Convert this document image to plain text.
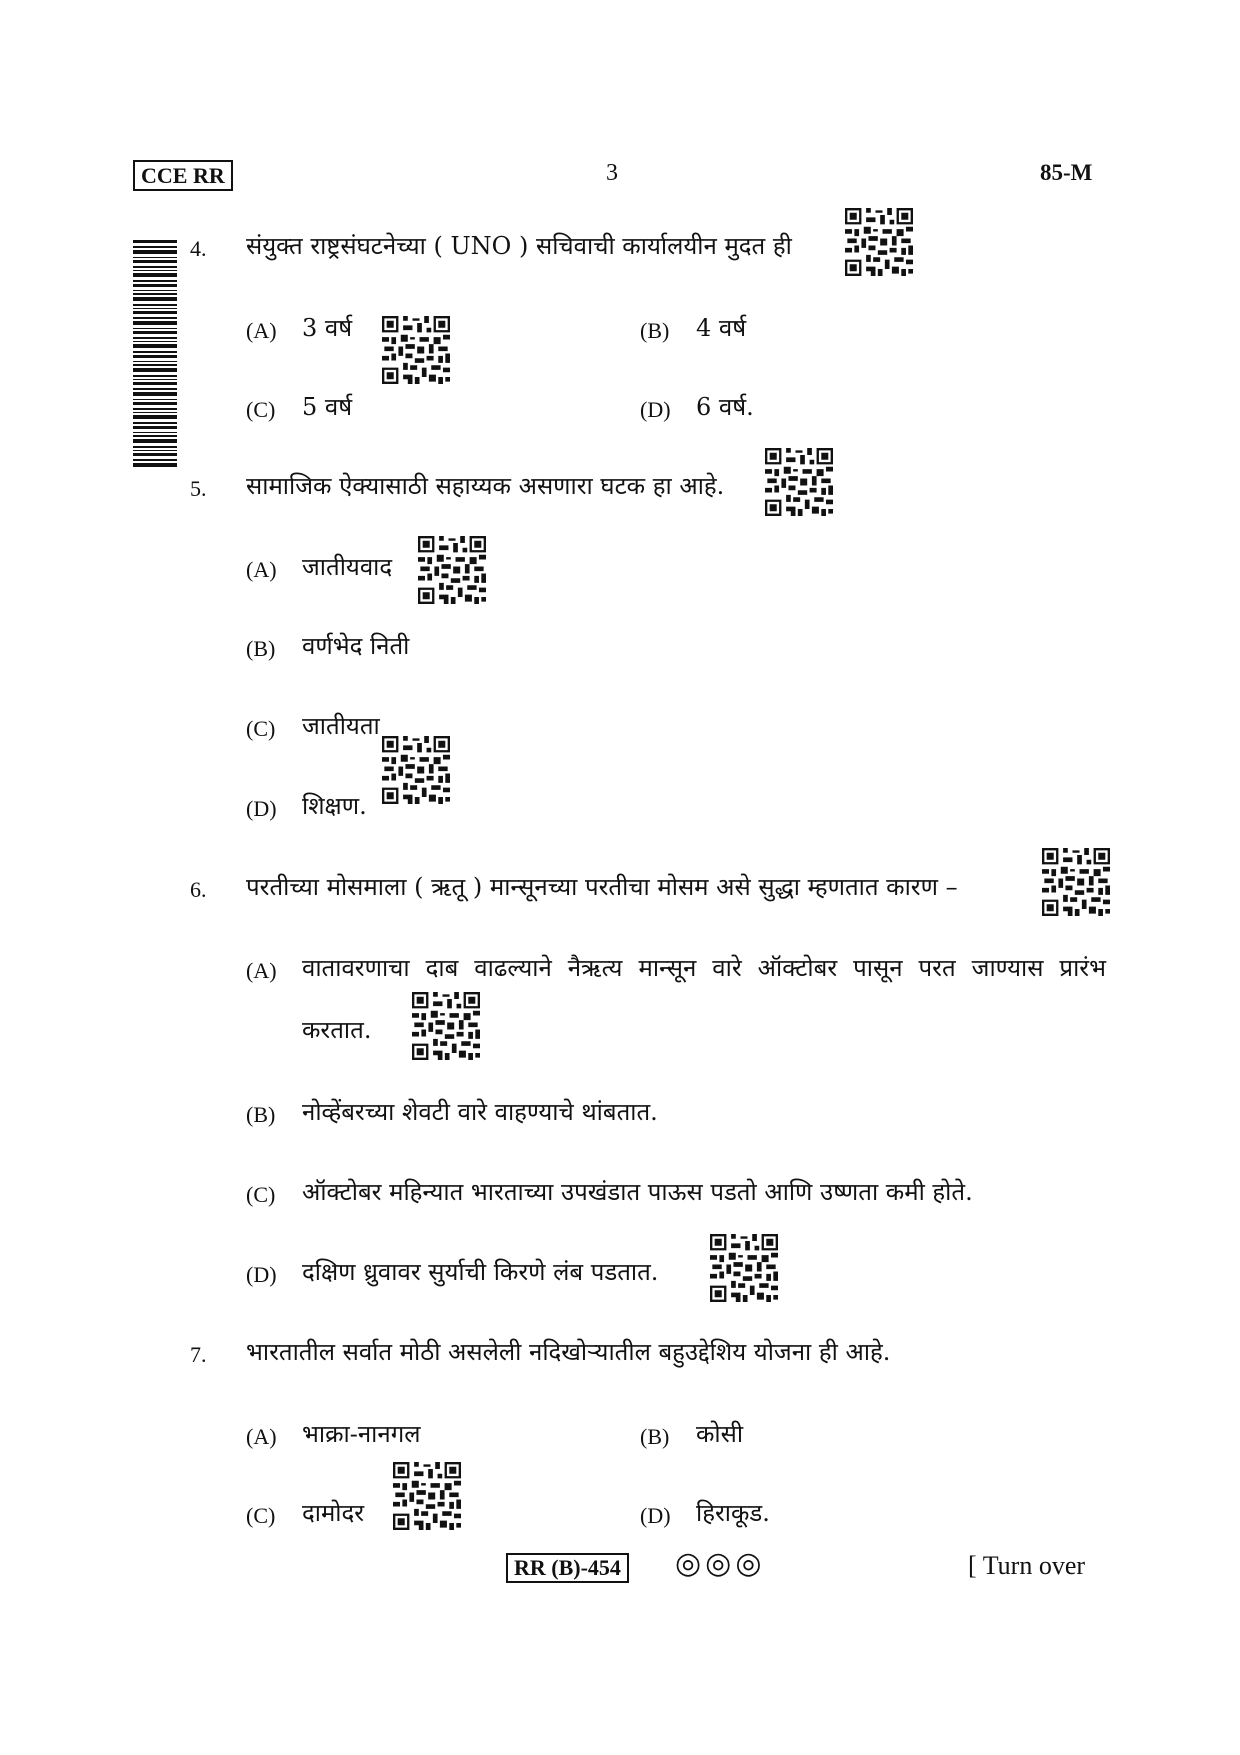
CCE RR	3	85-M
4. संयुक्त राष्ट्रसंघटनेच्या ( UNO ) सचिवाची कार्यालयीन मुदत ही
(A) 3 वर्ष	(B) 4 वर्ष
(C) 5 वर्ष	(D) 6 वर्ष.
5. सामाजिक ऐक्यासाठी सहाय्यक असणारा घटक हा आहे.
(A) जातीयवाद
(B) वर्णभेद निती
(C) जातीयता
(D) शिक्षण.
6. परतीच्या मोसमाला ( ऋतू ) मान्सूनच्या परतीचा मोसम असे सुद्धा म्हणतात कारण –
(A) वातावरणाचा दाब वाढल्याने नैऋत्य मान्सून वारे ऑक्टोबर पासून परत जाण्यास प्रारंभ
करतात.
(B) नोव्हेंबरच्या शेवटी वारे वाहण्याचे थांबतात.
(C) ऑक्टोबर महिन्यात भारताच्या उपखंडात पाऊस पडतो आणि उष्णता कमी होते.
(D) दक्षिण ध्रुवावर सुर्याची किरणे लंब पडतात.
7. भारतातील सर्वात मोठी असलेली नदिखोऱ्यातील बहुउद्देशिय योजना ही आहे.
(A) भाक्रा-नानगल	(B) कोसी
(C) दामोदर	(D) हिराकूड.
RR (B)-454 ◎◎◎	[ Turn over
